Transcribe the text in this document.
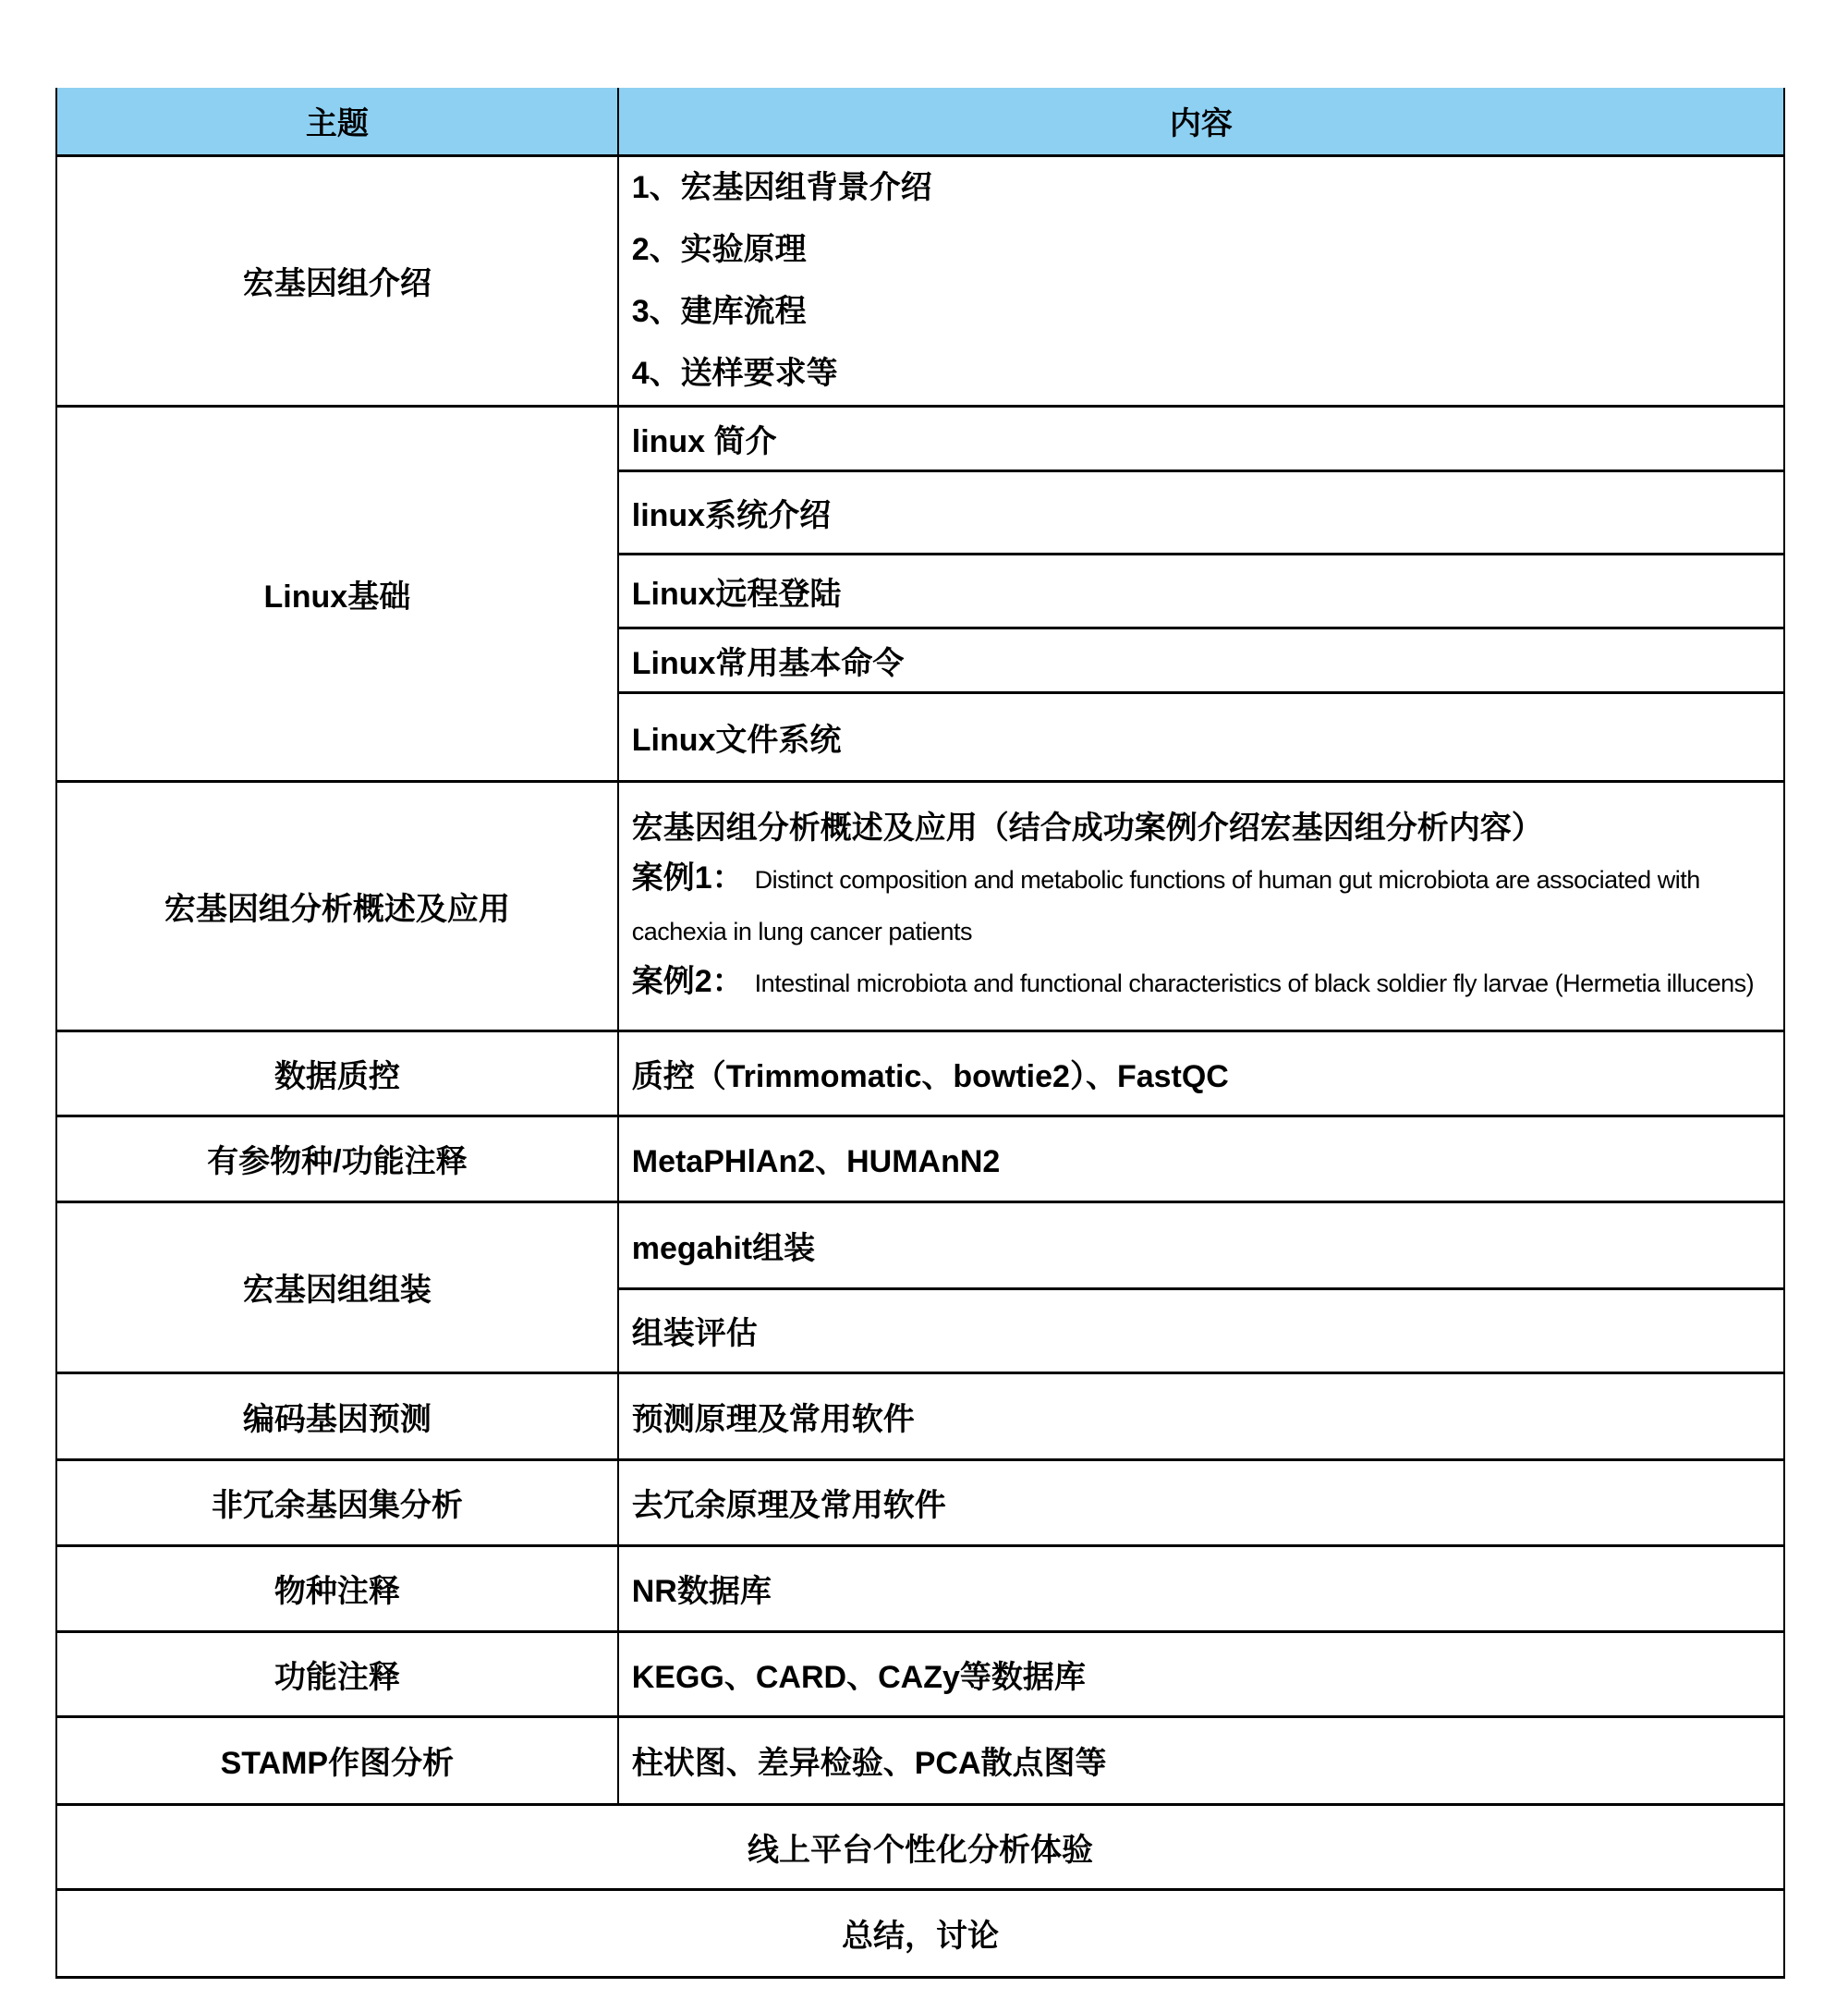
主题	内容
宏基因组介绍	1、宏基因组背景介绍

2、实验原理

3、建库流程

4、送样要求等

Linux基础	linux 简介
	linux系统介绍
	Linux远程登陆
	Linux常用基本命令
	Linux文件系统
宏基因组分析概述及应用	宏基因组分析概述及应用（结合成功案例介绍宏基因组分析内容）

案例1： Distinct composition and metabolic functions of human gut microbiota are associated with cachexia in lung cancer patients

案例2： Intestinal microbiota and functional characteristics of black soldier fly larvae (Hermetia illucens)

数据质控	质控（Trimmomatic、bowtie2）、FastQC
有参物种/功能注释	MetaPHlAn2、HUMAnN2
宏基因组组装	megahit组装
	组装评估
编码基因预测	预测原理及常用软件
非冗余基因集分析	去冗余原理及常用软件
物种注释	NR数据库
功能注释	KEGG、CARD、CAZy等数据库
STAMP作图分析	柱状图、差异检验、PCA散点图等
线上平台个性化分析体验	
总结，讨论	
